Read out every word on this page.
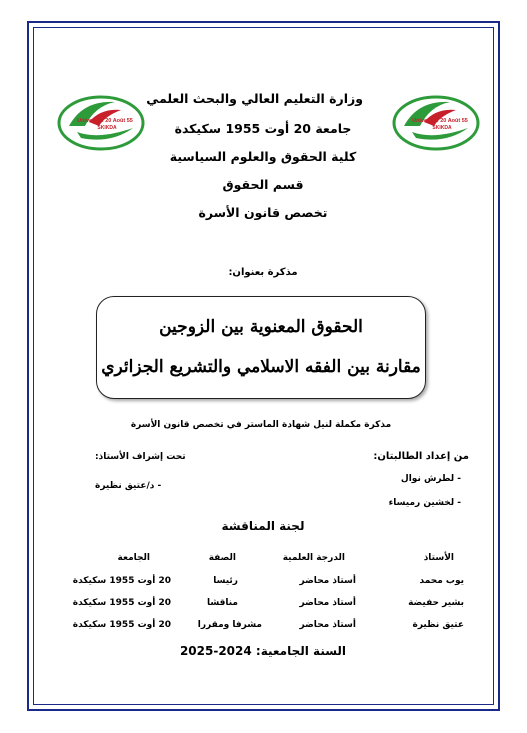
Université 20 Août 55
SKIKDA
Université 20 Août 55
SKIKDA
وزارة التعليم العالي والبحث العلمي
جامعة 20 أوت 1955 سكيكدة
كلية الحقوق والعلوم السياسية
قسم الحقوق
تخصص قانون الأسرة
مذكرة بعنوان:
الحقوق المعنوية بين الزوجين
مقارنة بين الفقه الاسلامي والتشريع الجزائري
مذكرة مكملة لنيل شهادة الماستر في تخصص قانون الأسرة
من إعداد الطالبتان:
- لطرش نوال
- لخشين رميساء
تحت إشراف الأستاذ:
- د/عتيق نظيرة
لجنة المناقشة
الأستاذ
الدرجة العلمية
الصفة
الجامعة
يوب محمد
أستاذ محاضر
رئيسا
20 أوت 1955 سكيكدة
بشير حفيضة
أستاذ محاضر
مناقشا
20 أوت 1955 سكيكدة
عتيق نظيرة
أستاذ محاضر
مشرفا ومقررا
20 أوت 1955 سكيكدة
السنة الجامعية: 2024-2025
